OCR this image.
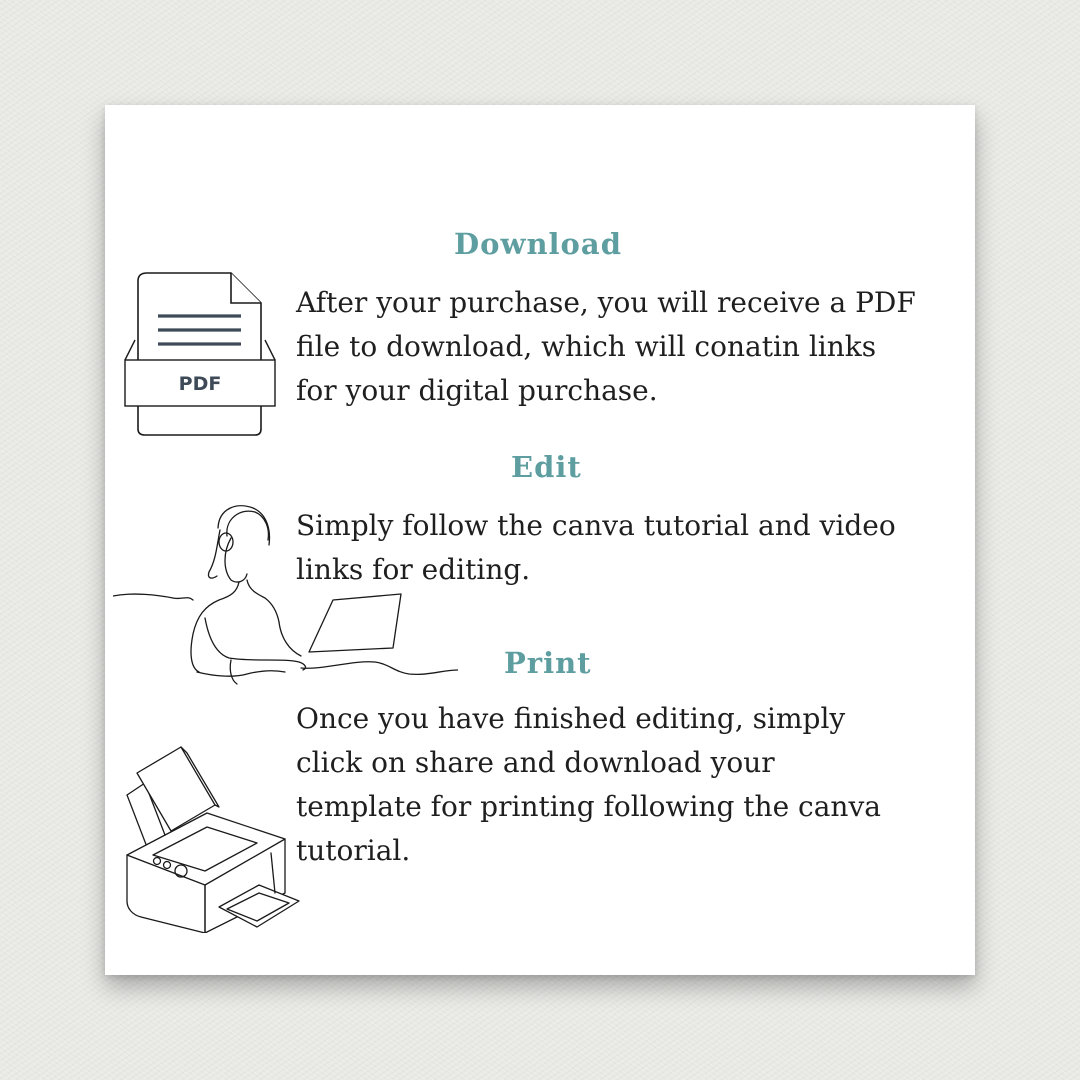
Download
PDF

After your purchase, you will receive a PDF
file to download, which will conatin links
for your digital purchase.

Edit

Simply follow the canva tutorial and video
links for editing.

Print

Once you have finished editing, simply
click on share and download your
template for printing following the canva
tutorial.
